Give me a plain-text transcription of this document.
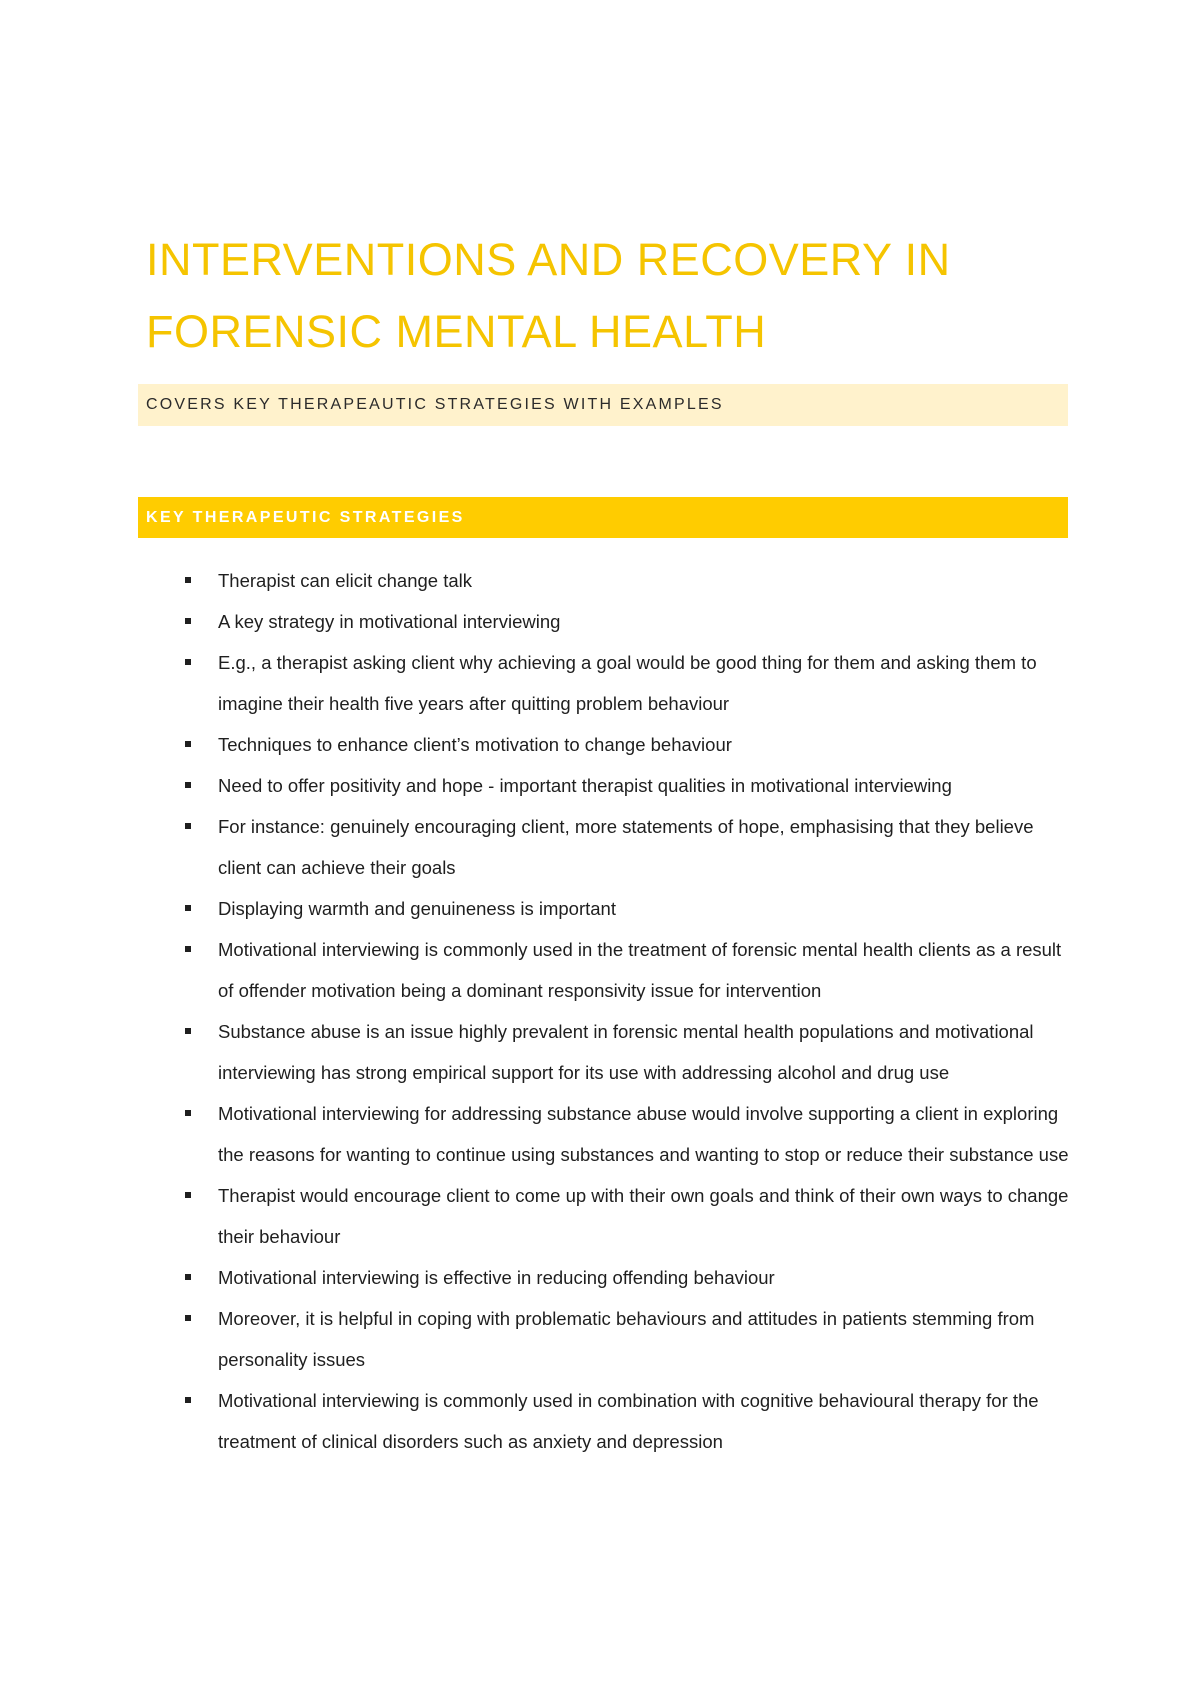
INTERVENTIONS AND RECOVERY IN FORENSIC MENTAL HEALTH
COVERS KEY THERAPEAUTIC STRATEGIES WITH EXAMPLES
KEY THERAPEUTIC STRATEGIES
Therapist can elicit change talk
A key strategy in motivational interviewing
E.g., a therapist asking client why achieving a goal would be good thing for them and asking them to imagine their health five years after quitting problem behaviour
Techniques to enhance client’s motivation to change behaviour
Need to offer positivity and hope - important therapist qualities in motivational interviewing
For instance: genuinely encouraging client, more statements of hope, emphasising that they believe client can achieve their goals
Displaying warmth and genuineness is important
Motivational interviewing is commonly used in the treatment of forensic mental health clients as a result of offender motivation being a dominant responsivity issue for intervention
Substance abuse is an issue highly prevalent in forensic mental health populations and motivational interviewing has strong empirical support for its use with addressing alcohol and drug use
Motivational interviewing for addressing substance abuse would involve supporting a client in exploring the reasons for wanting to continue using substances and wanting to stop or reduce their substance use
Therapist would encourage client to come up with their own goals and think of their own ways to change their behaviour
Motivational interviewing is effective in reducing offending behaviour
Moreover, it is helpful in coping with problematic behaviours and attitudes in patients stemming from personality issues
Motivational interviewing is commonly used in combination with cognitive behavioural therapy for the treatment of clinical disorders such as anxiety and depression
